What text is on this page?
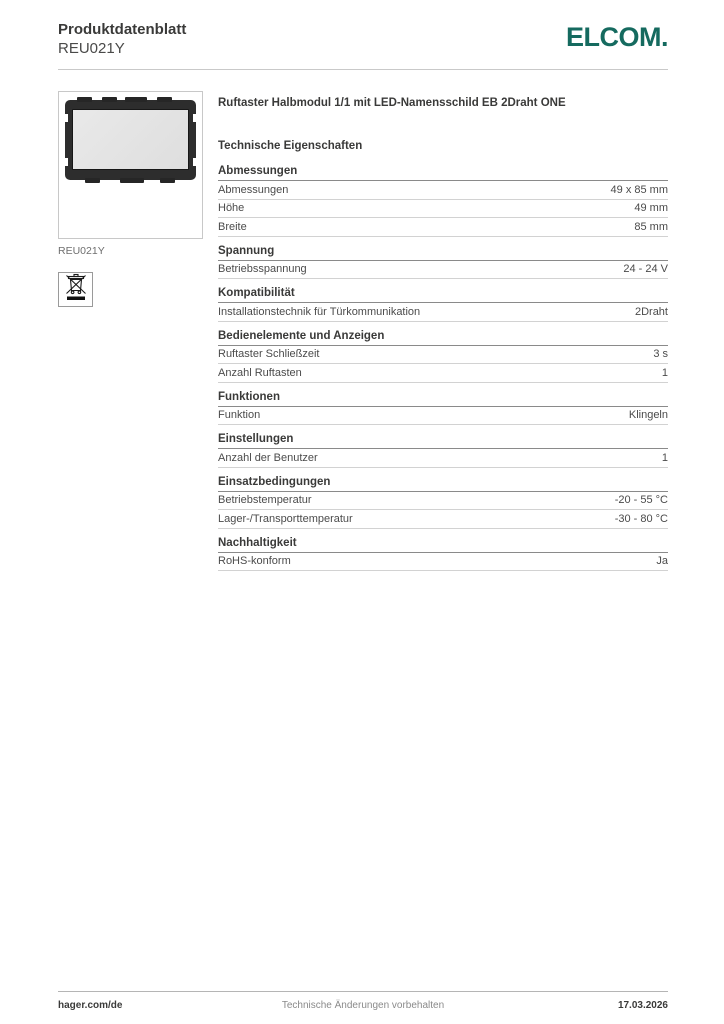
Produktdatenblatt
REU021Y	ELCOM.
REU021Y
Ruftaster Halbmodul 1/1 mit LED-Namensschild EB 2Draht ONE
Technische Eigenschaften
Abmessungen
Abmessungen	49 x 85 mm
Höhe	49 mm
Breite	85 mm
Spannung
Betriebsspannung	24 - 24 V
Kompatibilität
Installationstechnik für Türkommunikation	2Draht
Bedienelemente und Anzeigen
Ruftaster Schließzeit	3 s
Anzahl Ruftasten	1
Funktionen
Funktion	Klingeln
Einstellungen
Anzahl der Benutzer	1
Einsatzbedingungen
Betriebstemperatur	-20 - 55 °C
Lager-/Transporttemperatur	-30 - 80 °C
Nachhaltigkeit
RoHS-konform	Ja
hager.com/de	Technische Änderungen vorbehalten	17.03.2026
